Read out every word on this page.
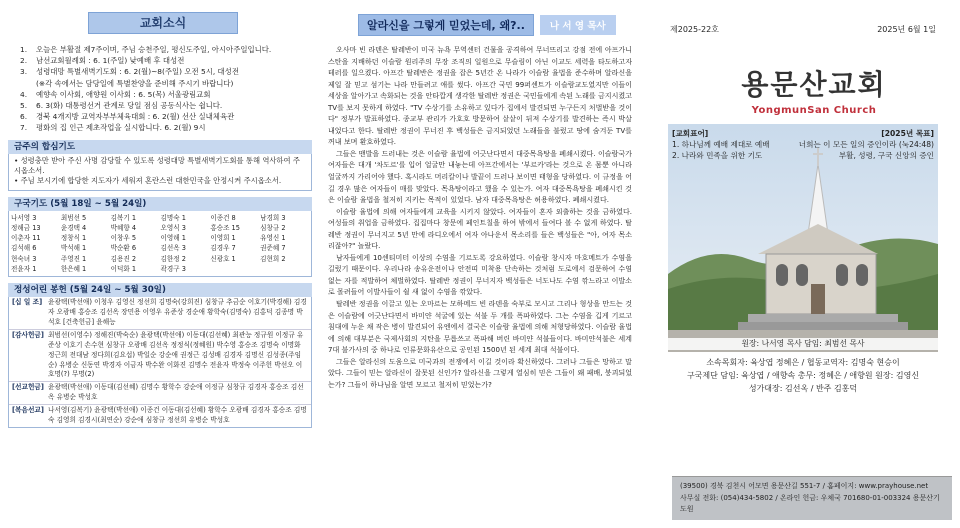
교회소식
1.	오늘은 부활절 제7주이며, 주님 승천주일, 평신도주일, 아시아주일입니다.
2.	남선교회월례회 : 6. 1(주일) 낮예배 후 대성전
3.	성령대망 특별새벽기도회 : 6. 2(월)~8(주일) 오전 5시, 대성전
(※각 속에서는 담당일에 특별찬양을 준비해 주시기 바랍니다)
4.	예향속 이사회, 애향원 이사회 : 6. 5(목) 서울광림교회
5.	6. 3(화) 대통령선거 관계로 당일 점심 공동식사는 쉽니다.
6.	경북 4개지방 교역자부부체육대회 : 6. 2(월) 선산 실내체육관
7.	평화의 집 인근 제초작업을 실시합니다. 6. 2(월) 9시
금주의 합심기도
• 성령충만 받아 주신 사명 감당할 수 있도록 성령대망 특별새벽기도회를 통해 역사하여 주시옵소서.
• 주님 보시기에 합당한 지도자가 세워져 혼란스런 대한민국을 안정시켜 주시옵소서.
구국기도 (5월 18일 ~ 5월 24일)
나서영 3	최범선 5	김복기 1	김명숙 1	이종건 8	남경희 3
정해금 13	윤경택 4	박혜향 4	오영식 3	홍승조 15	심창규 2
이춘자 11	정창식 1	이창우 5	이영해 1	이영희 1	유영신 1
김석해 6	박석해 1	박순환 6	김선옥 3	김경우 7	권준혜 7
현숙녀 3	주영진 1	김용진 2	김한정 2	신광호 1	김현희 2
전윤자 1	한은혜 1	이덕화 1	곽경구 3
정성어린 봉헌 (5월 24일 ~ 5월 30일)
[십 일 조] 윤광택(박선애) 이청우 김영신 정선희 김명숙(강희진) 심창규 추금순 이호기(박경해) 김경자 오광배 홍승조 김선옥 장민용 이영우 유준상 경순애 황학숙(김명숙) 김홍덕 김종명 박석호 [건축헌금] 윤해능
[감사헌금] 최범선(이영수) 정해진(박숙순) 윤광택(박선애) 이동대(김선혜) 최관능 정규원 이정규 유준상 이호기 손수현 심창규 오광배 김선옥 정정식(정혜원) 박수영 홍승조 김명숙 이명화 정근희 전대남 정다희(김요섭) 박일순 강순애 권정근 김성배 김경자 김명신 김성종(주임순) 유병순 신동연 박경자 이금자 박수완 이화진 김명수 전윤자 박정숙 이주헌 박선오 이호명(?) 무명(2)
[선교헌금] 윤광택(박선애) 이동대(김선혜) 김명수 황학수 강순애 이정규 심창규 김경자 홍승조 김선옥 유병순 박성호
[복음선교] 나서영(김복기) 윤광택(박선애) 이종건 이동대(김선혜) 황학수 오광배 김경자 홍승조 김명숙 김영희 김경시(최연순) 강순애 심창규 정선희 유병순 박성호
알라신을 그렇게 믿었는데, 왜?..	나 서 영 목사

오사마 빈 라덴은 탈레반이 미국 뉴욕 무역센터 건물을 공격하여 무너뜨리고 강점 전에 아프가니스탄을 지배하던 이슬람 원리주의 무장 조직의 일원으로 무슬림이 아닌 이교도 세력을 타도하고자 테러를 일으켰다. 아프간 탈레반은 정권을 잡은 5년간 온 나라가 이슬람 율법을 준수하며 알라신을 제일 잘 믿고 섬기는 나라 만들려고 애를 썼다. 아프간 국민 99퍼센트가 이슬람교도였지만 이들이 세상을 알아가고 속화되는 것을 안타깝게 생각한 탈레반 정권은 국민들에게 속된 노래를 금지시켰고 TV를 보지 못하게 하였다. "TV 수상기를 소유하고 있다가 집에서 발견되면 누구든지 처벌받을 것이다" 정부가 발표하였다. 종교부 관리가 가호호 방문하여 샅샅이 뒤져 수상기를 발견하는 즉시 박살내었다고 한다. 탈레반 정권이 무너진 후 백성들은 금지되었던 노래들을 불렀고 땅에 숨겨둔 TV를 꺼내 보며 환호하였다.

그들은 맨발을 드러내는 것은 이슬람 율법에 어긋난다면서 대중목욕탕을 폐쇄시켰다. 이슬람국가 여자들은 대개 '차도르'를 입어 얼굴만 내놓는데 아프간에서는 '부르카'라는 것으로 온 몸뿐 아니라 얼굴까지 가리어야 했다. 혹시라도 머리칼이나 발끝이 드러나 보이면 태형을 당하였다. 이 규정을 어길 경우 많은 여자들이 매를 맞았다. 목욕탕이라고 했을 수 있는가. 여자 대중목욕탕을 폐쇄시킨 것은 이슬람 율법을 철저히 지키는 목적이 있었다. 남자 대중목욕탕은 허용하였다. 폐쇄시켰다.

이슬람 율법에 의해 여자들에게 교육을 시키지 않았다. 여자들이 혼자 외출하는 것을 금하였다. 여성들의 취업을 금하였다. 집집마다 창문에 페인트칠을 하여 밖에서 들여다 볼 수 없게 하였다. 탈레반 정권이 무너지고 5년 만에 라디오에서 여자 아나운서 목소리를 들은 백성들은 "아, 여자 목소리잖아?" 놀랐다.

남자들에게 10센티미터 이상의 수염을 기르도록 강요하였다. 이슬람 창시자 마호메트가 수염을 길렀기 때문이다. 우리나라 송유운전이나 안전띠 미착용 단속하는 것처럼 도로에서 검문하여 수염 없는 자를 적발하여 체벌하였다. 탈레반 정권이 무너지자 백성들은 너도나도 수염 깎느라고 이발소로 몰려들어 이발사들이 쉴 새 없이 수염을 깎았다.

탈레반 정권을 이끌고 있는 오마르는 모하메드 빈 라덴을 숙부로 모시고 그리나 형상을 만드는 것은 이슬람에 어긋난다면서 바미얀 석굴에 있는 석불 두 개를 폭파하였다. 그는 수염을 깁게 기르고 침대에 누운 채 작은 병이 발견되어 유엔에서 결국은 이슬람 율법에 의해 처형당하였다. 이슬람 율법에 의해 대부분은 국제사회의 지탄을 무릅쓰고 폭파해 버린 바미얀 석불들이다. 바미얀석불은 세계 7대 불가사의 중 하나로 인류문화유산으로 공인된 1500년 된 세계 최대 석불이다.

그들은 알라신의 도움으로 미국과의 전쟁에서 이길 것이라 확신하였다. 그러나 그들은 망하고 말았다. 그들이 믿는 알라신이 잘못된 신인가? 알라신을 그렇게 열심히 믿은 그들이 왜 패배, 붕괴되었는가? 그들이 하나님을 알면 모르고 철저히 믿었는가?

제2025-22호	2025년 6월 1일
용문산교회
YongmunSan Church
[교회표어]
1. 하나님께 예배 제대로 예배
2. 나라와 민족을 위한 기도
[2025년 목표]
너희는 이 모든 일의 증인이라 (눅24:48)
부활, 성령, 구국 신앙의 증인
원장: 나서영 목사 담임: 최범선 목사
소속목회자: 육상엽 정혜은 / 협동교역자: 김명숙 현승이
구국제단 담임: 육상엽 / 애향속 총무: 정혜은 / 애향원 원장: 김영신
성가대장: 김선옥 / 반주 김홍덕
(39500) 경북 김천시 어모면 용문산길 551-7 / 홈페이지: www.prayhouse.net
사무실 전화: (054)434-5802 / 온라인 헌금: 우체국 701680-01-003324 용문산기도원
